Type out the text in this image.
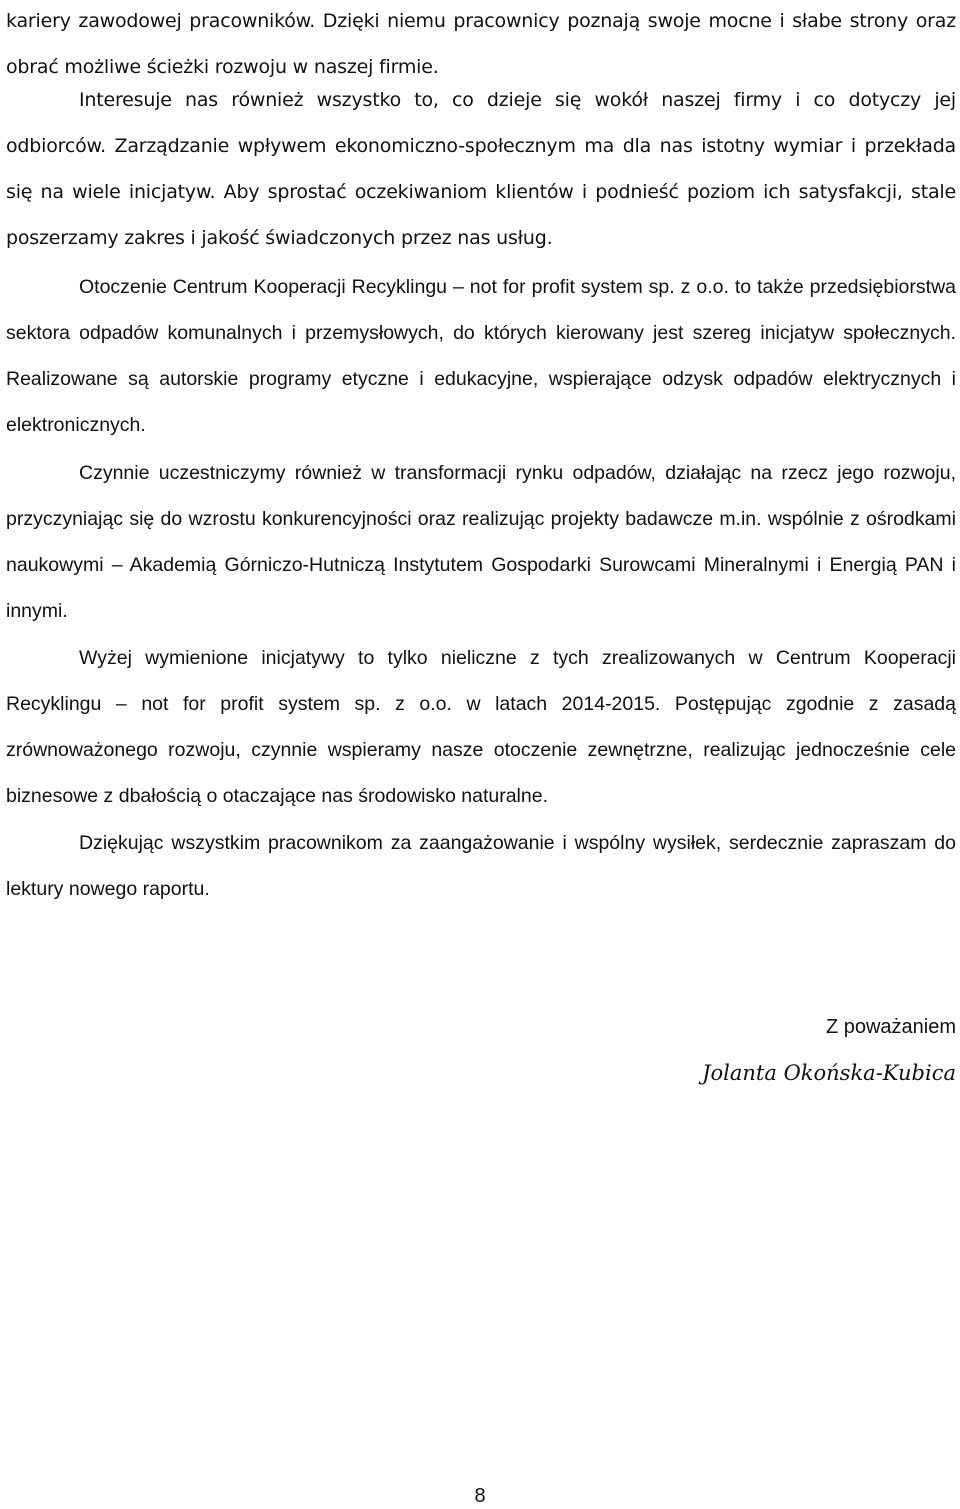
kariery zawodowej pracowników. Dzięki niemu pracownicy poznają swoje mocne i słabe strony oraz obrać możliwe ścieżki rozwoju w naszej firmie.

Interesuje nas również wszystko to, co dzieje się wokół naszej firmy i co dotyczy jej odbiorców. Zarządzanie wpływem ekonomiczno-społecznym ma dla nas istotny wymiar i przekłada się na wiele inicjatyw. Aby sprostać oczekiwaniom klientów i podnieść poziom ich satysfakcji, stale poszerzamy zakres i jakość świadczonych przez nas usług.

Otoczenie Centrum Kooperacji Recyklingu – not for profit system sp. z o.o. to także przedsiębiorstwa sektora odpadów komunalnych i przemysłowych, do których kierowany jest szereg inicjatyw społecznych. Realizowane są autorskie programy etyczne i edukacyjne, wspierające odzysk odpadów elektrycznych i elektronicznych.

Czynnie uczestniczymy również w transformacji rynku odpadów, działając na rzecz jego rozwoju, przyczyniając się do wzrostu konkurencyjności oraz realizując projekty badawcze m.in. wspólnie z ośrodkami naukowymi – Akademią Górniczo-Hutniczą Instytutem Gospodarki Surowcami Mineralnymi i Energią PAN i innymi.

Wyżej wymienione inicjatywy to tylko nieliczne z tych zrealizowanych w Centrum Kooperacji Recyklingu – not for profit system sp. z o.o. w latach 2014-2015. Postępując zgodnie z zasadą zrównoważonego rozwoju, czynnie wspieramy nasze otoczenie zewnętrzne, realizując jednocześnie cele biznesowe z dbałością o otaczające nas środowisko naturalne.

Dziękując wszystkim pracownikom za zaangażowanie i wspólny wysiłek, serdecznie zapraszam do lektury nowego raportu.

Z poważaniem
Jolanta Okońska-Kubica
8
